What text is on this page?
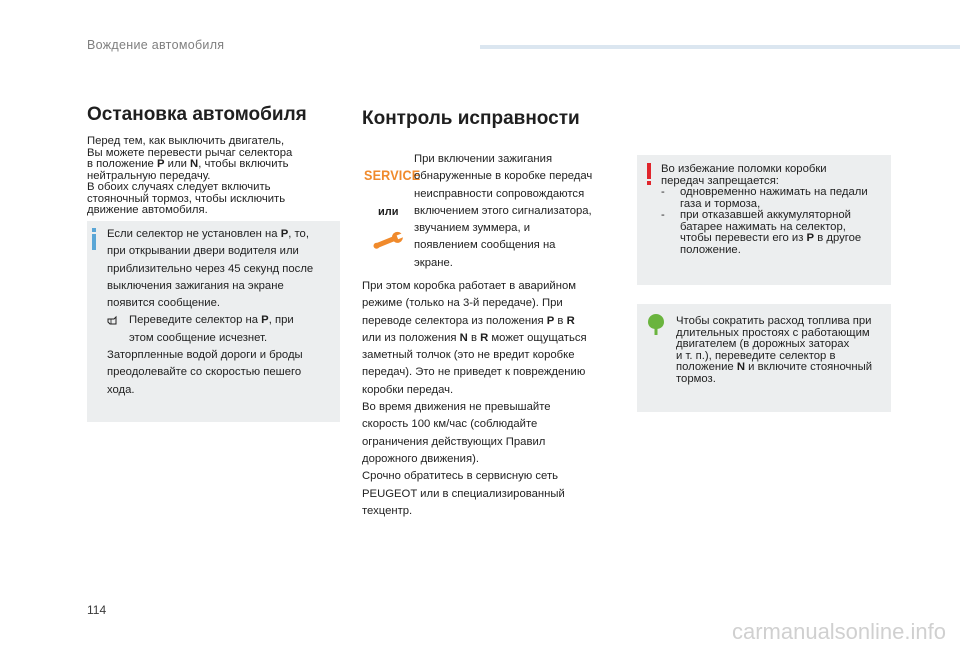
Вождение автомобиля
Остановка автомобиля
Перед тем, как выключить двигатель,
Вы можете перевести рычаг селектора
в положение P или N, чтобы включить
нейтральную передачу.
В обоих случаях следует включить
стояночный тормоз, чтобы исключить
движение автомобиля.
Если селектор не установлен на P, то,
при открывании двери водителя или
приблизительно через 45 секунд после
выключения зажигания на экране
появится сообщение.
Переведите селектор на P, при
этом сообщение исчезнет.
Заторпленные водой дороги и броды
преодолевайте со скоростью пешего
хода.
Контроль исправности
SERVICE
или
При включении зажигания
обнаруженные в коробке передач
неисправности сопровождаются
включением этого сигнализатора,
звучанием зуммера, и
появлением сообщения на
экране.
При этом коробка работает в аварийном
режиме (только на 3-й передаче). При
переводе селектора из положения P в R
или из положения N в R может ощущаться
заметный толчок (это не вредит коробке
передач). Это не приведет к повреждению
коробки передач.
Во время движения не превышайте
скорость 100 км/час (соблюдайте
ограничения действующих Правил
дорожного движения).
Срочно обратитесь в сервисную сеть
PEUGEOT или в специализированный
техцентр.
Во избежание поломки коробки
передач запрещается:
-	одновременно нажимать на педали
газа и тормоза,
-	при отказавшей аккумуляторной
батарее нажимать на селектор,
чтобы перевести его из P в другое
положение.
Чтобы сократить расход топлива при
длительных простоях с работающим
двигателем (в дорожных заторах
и т. п.), переведите селектор в
положение N и включите стояночный
тормоз.
114
carmanualsonline.info
